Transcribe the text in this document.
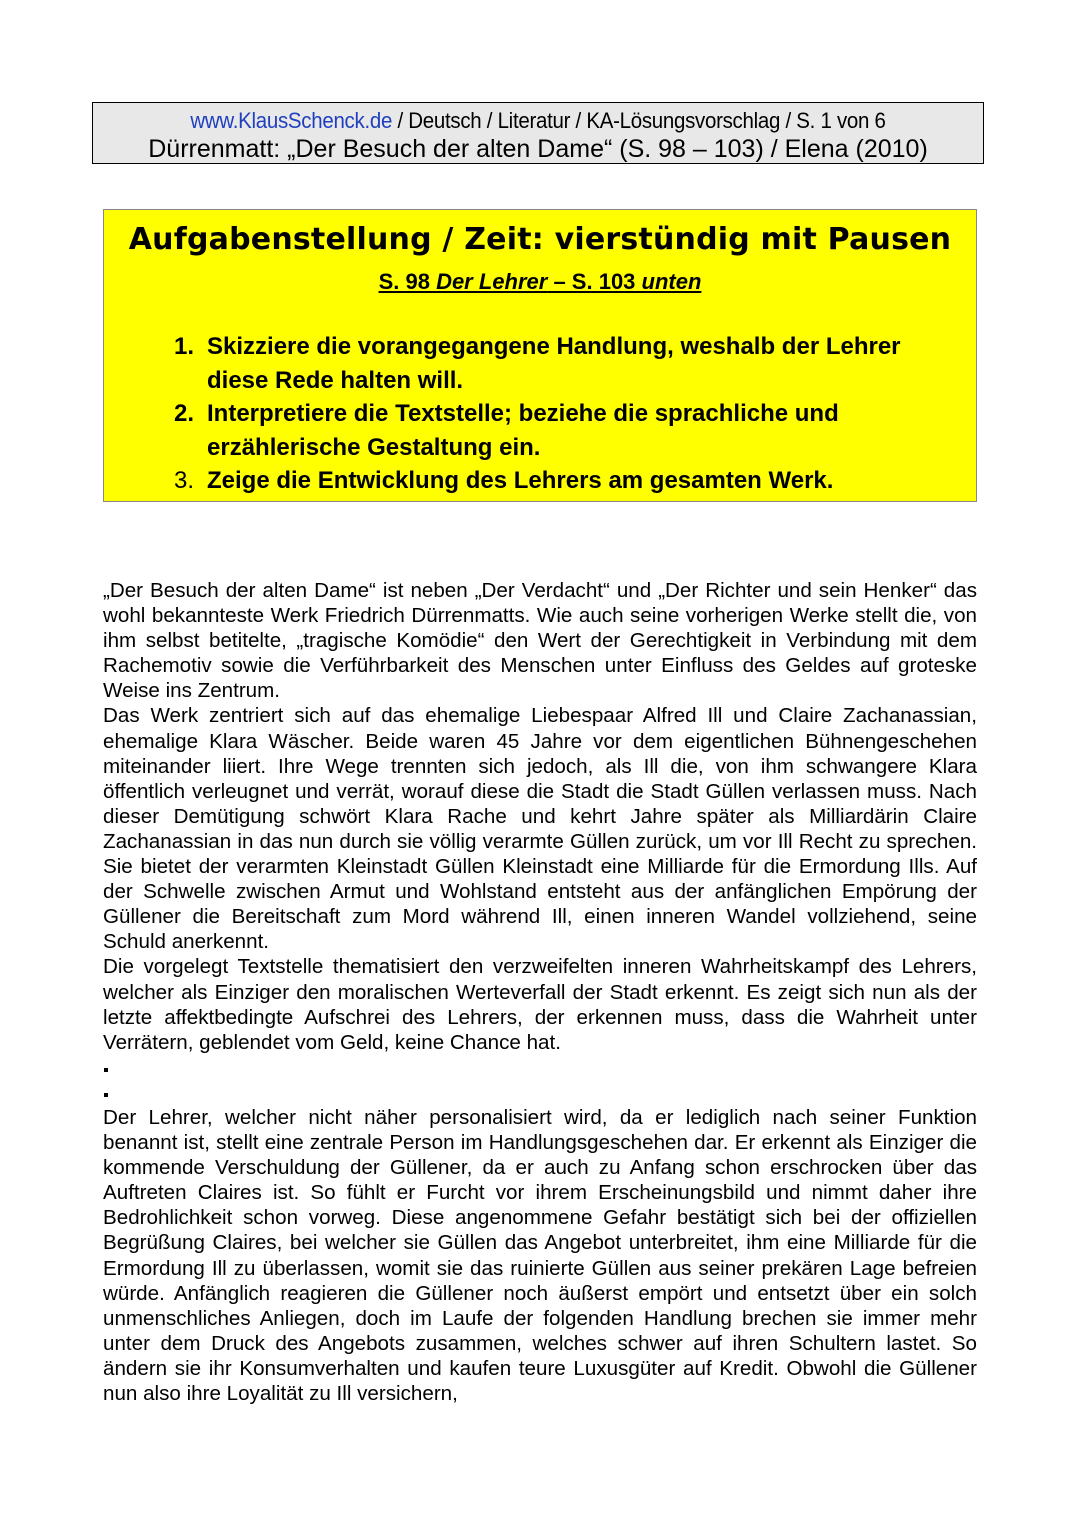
www.KlausSchenck.de / Deutsch / Literatur / KA-Lösungsvorschlag / S. 1 von 6
Dürrenmatt: „Der Besuch der alten Dame“ (S. 98 – 103) / Elena (2010)
Aufgabenstellung / Zeit: vierstündig mit Pausen
S. 98 Der Lehrer – S. 103 unten
1. Skizziere die vorangegangene Handlung, weshalb der Lehrer diese Rede halten will.
2. Interpretiere die Textstelle; beziehe die sprachliche und erzählerische Gestaltung ein.
3. Zeige die Entwicklung des Lehrers am gesamten Werk.

„Der Besuch der alten Dame“ ist neben „Der Verdacht“ und „Der Richter und sein Henker“ das wohl bekannteste Werk Friedrich Dürrenmatts. Wie auch seine vorherigen Werke stellt die, von ihm selbst betitelte, „tragische Komödie“ den Wert der Gerechtigkeit in Verbindung mit dem Rachemotiv sowie die Verführbarkeit des Menschen unter Einfluss des Geldes auf groteske Weise ins Zentrum.

Das Werk zentriert sich auf das ehemalige Liebespaar Alfred Ill und Claire Zachanassian, ehemalige Klara Wäscher. Beide waren 45 Jahre vor dem eigentlichen Bühnengeschehen miteinander liiert. Ihre Wege trennten sich jedoch, als Ill die, von ihm schwangere Klara öffentlich verleugnet und verrät, worauf diese die Stadt die Stadt Güllen verlassen muss. Nach dieser Demütigung schwört Klara Rache und kehrt Jahre später als Milliardärin Claire Zachanassian in das nun durch sie völlig verarmte Güllen zurück, um vor Ill Recht zu sprechen. Sie bietet der verarmten Kleinstadt Güllen Kleinstadt eine Milliarde für die Ermordung Ills. Auf der Schwelle zwischen Armut und Wohlstand entsteht aus der anfänglichen Empörung der Güllener die Bereitschaft zum Mord während Ill, einen inneren Wandel vollziehend, seine Schuld anerkennt.

Die vorgelegt Textstelle thematisiert den verzweifelten inneren Wahrheitskampf des Lehrers, welcher als Einziger den moralischen Werteverfall der Stadt erkennt. Es zeigt sich nun als der letzte affektbedingte Aufschrei des Lehrers, der erkennen muss, dass die Wahrheit unter Verrätern, geblendet vom Geld, keine Chance hat.

Der Lehrer, welcher nicht näher personalisiert wird, da er lediglich nach seiner Funktion benannt ist, stellt eine zentrale Person im Handlungsgeschehen dar. Er erkennt als Einziger die kommende Verschuldung der Güllener, da er auch zu Anfang schon erschrocken über das Auftreten Claires ist. So fühlt er Furcht vor ihrem Erscheinungsbild und nimmt daher ihre Bedrohlichkeit schon vorweg. Diese angenommene Gefahr bestätigt sich bei der offiziellen Begrüßung Claires, bei welcher sie Güllen das Angebot unterbreitet, ihm eine Milliarde für die Ermordung Ill zu überlassen, womit sie das ruinierte Güllen aus seiner prekären Lage befreien würde. Anfänglich reagieren die Güllener noch äußerst empört und entsetzt über ein solch unmenschliches Anliegen, doch im Laufe der folgenden Handlung brechen sie immer mehr unter dem Druck des Angebots zusammen, welches schwer auf ihren Schultern lastet. So ändern sie ihr Konsumverhalten und kaufen teure Luxusgüter auf Kredit. Obwohl die Güllener nun also ihre Loyalität zu Ill versichern,
